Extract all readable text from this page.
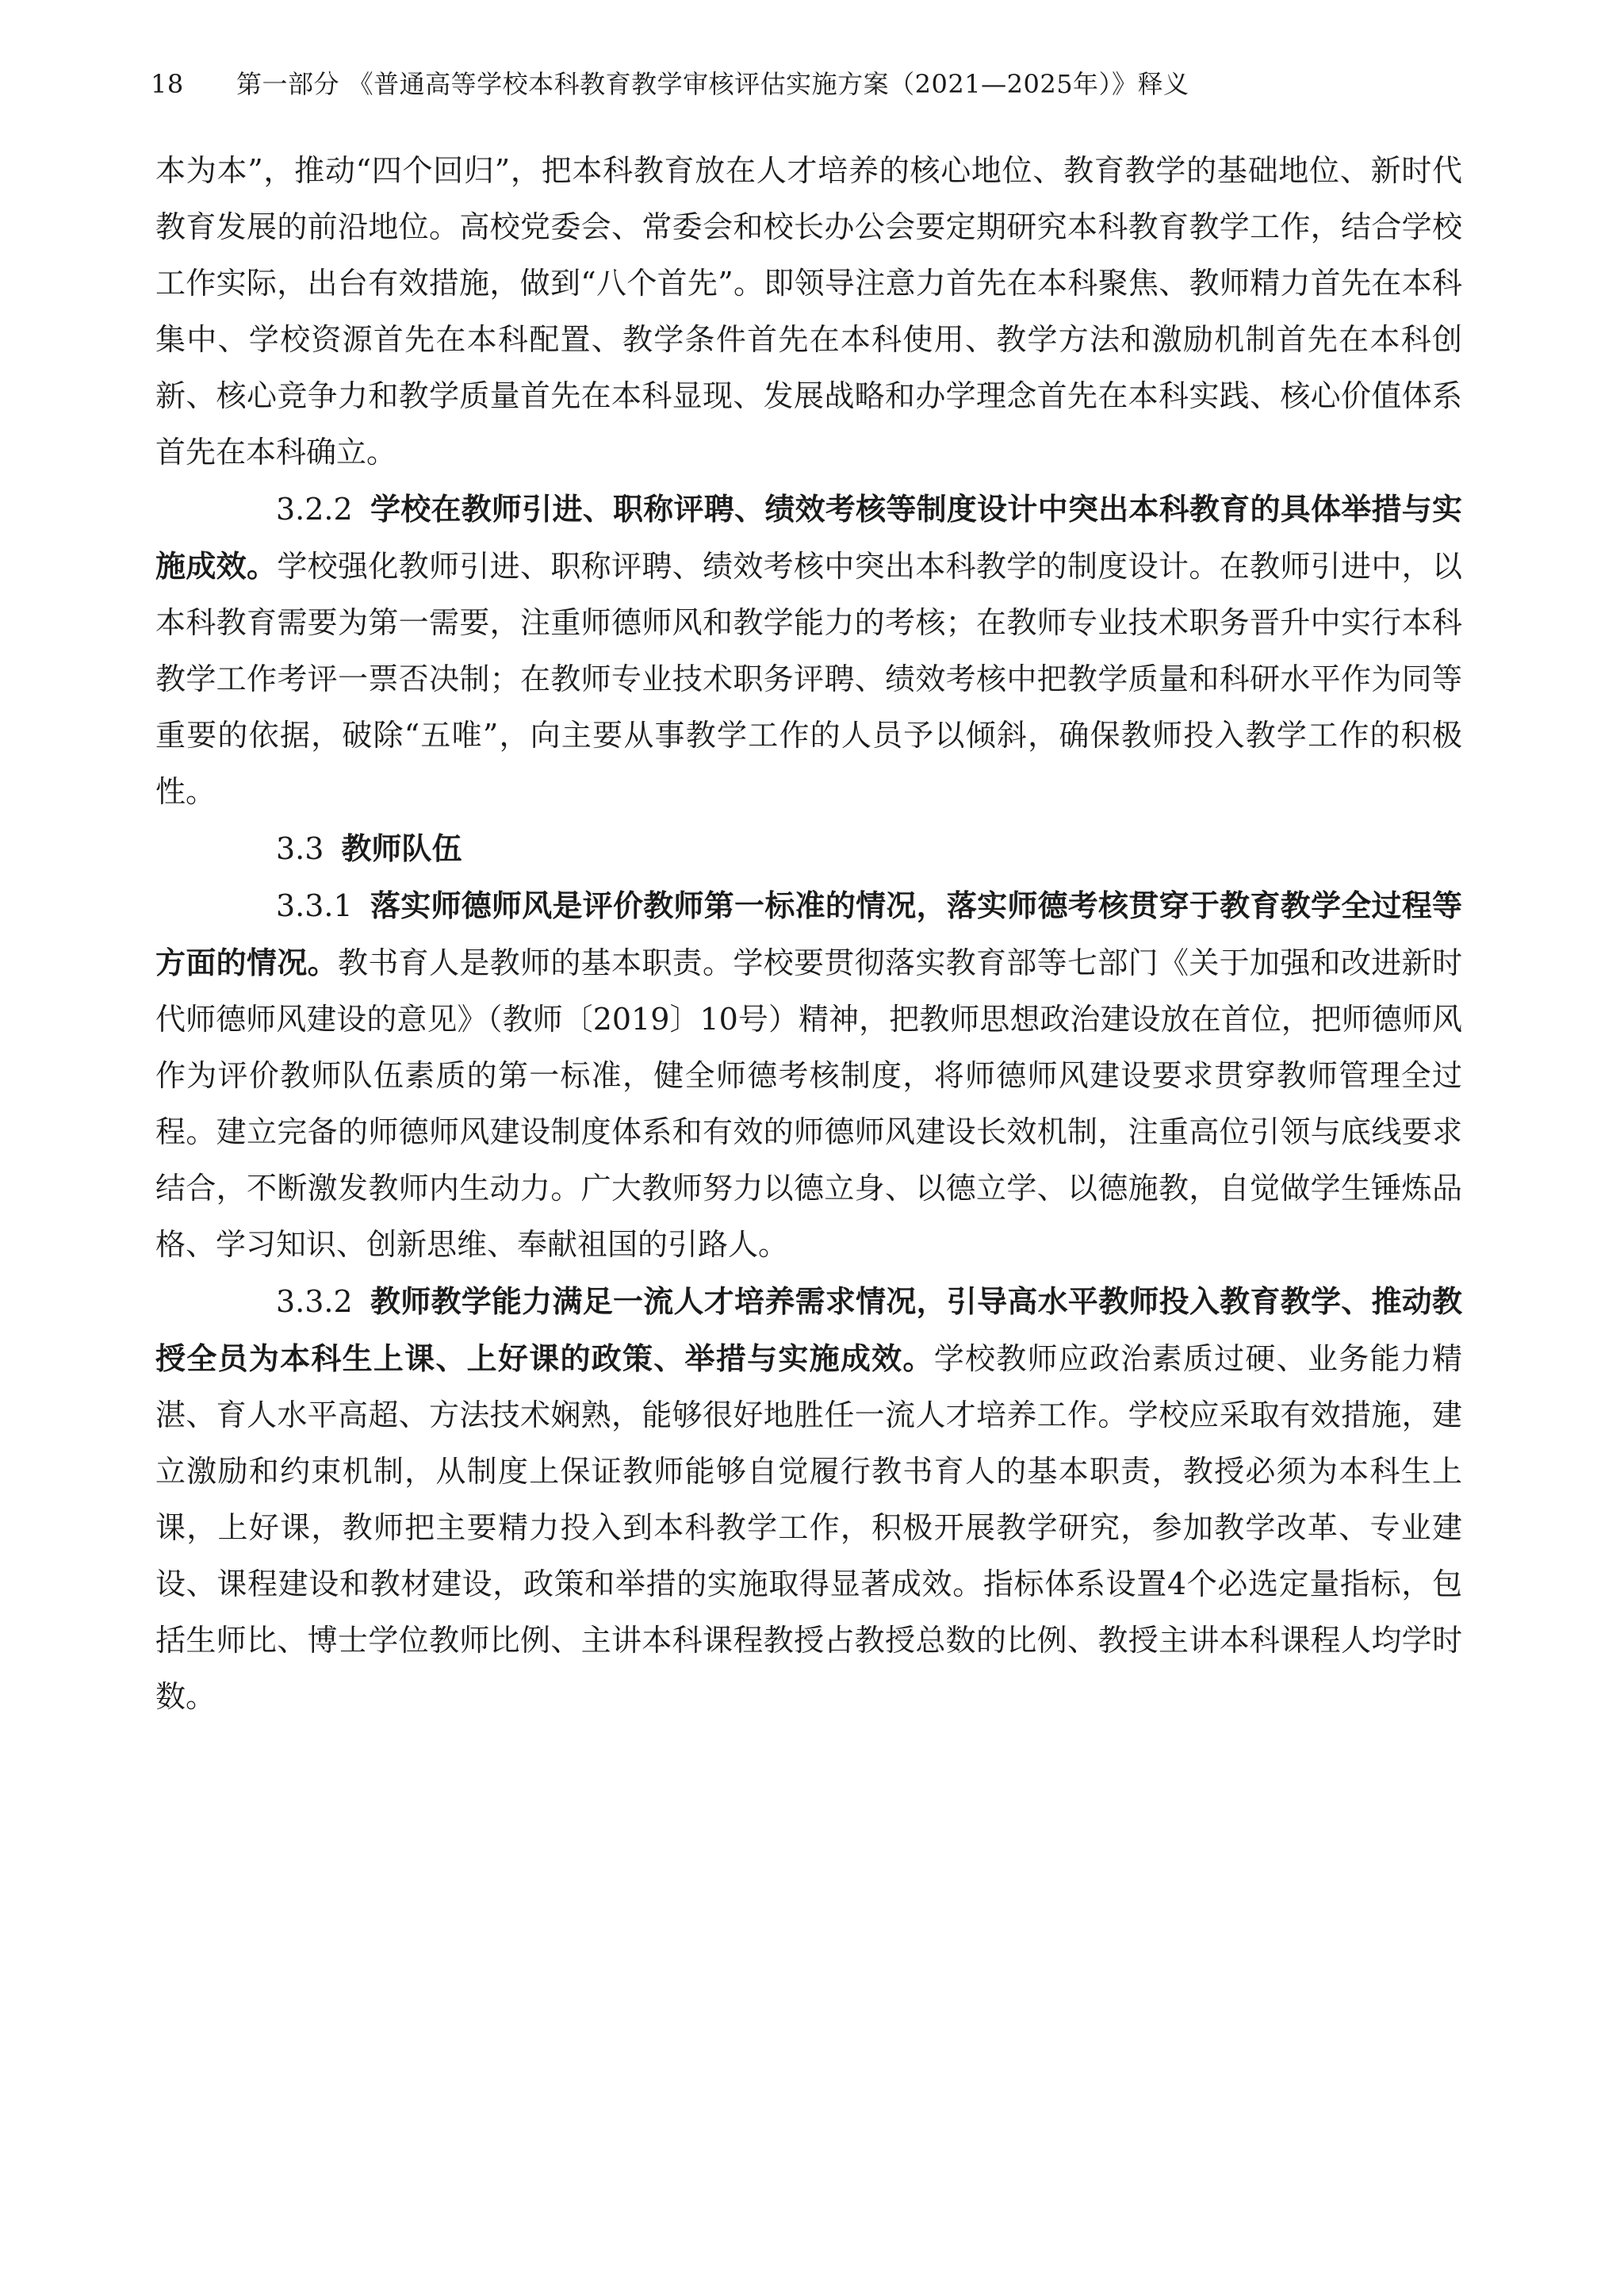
18 第一部分 《普通高等学校本科教育教学审核评估实施方案（2021—2025年）》释义

本为本”，推动“四个回归”，把本科教育放在人才培养的核心地位、教育教学的基础地位、新时代教育发展的前沿地位。高校党委会、常委会和校长办公会要定期研究本科教育教学工作，结合学校工作实际，出台有效措施，做到“八个首先”。即领导注意力首先在本科聚焦、教师精力首先在本科集中、学校资源首先在本科配置、教学条件首先在本科使用、教学方法和激励机制首先在本科创新、核心竞争力和教学质量首先在本科显现、发展战略和办学理念首先在本科实践、核心价值体系首先在本科确立。

3.2.2 学校在教师引进、职称评聘、绩效考核等制度设计中突出本科教育的具体举措与实施成效。学校强化教师引进、职称评聘、绩效考核中突出本科教学的制度设计。在教师引进中，以本科教育需要为第一需要，注重师德师风和教学能力的考核；在教师专业技术职务晋升中实行本科教学工作考评一票否决制；在教师专业技术职务评聘、绩效考核中把教学质量和科研水平作为同等重要的依据，破除“五唯”，向主要从事教学工作的人员予以倾斜，确保教师投入教学工作的积极性。

3.3 教师队伍

3.3.1 落实师德师风是评价教师第一标准的情况，落实师德考核贯穿于教育教学全过程等方面的情况。教书育人是教师的基本职责。学校要贯彻落实教育部等七部门《关于加强和改进新时代师德师风建设的意见》（教师〔2019〕10号）精神，把教师思想政治建设放在首位，把师德师风作为评价教师队伍素质的第一标准，健全师德考核制度，将师德师风建设要求贯穿教师管理全过程。建立完备的师德师风建设制度体系和有效的师德师风建设长效机制，注重高位引领与底线要求结合，不断激发教师内生动力。广大教师努力以德立身、以德立学、以德施教，自觉做学生锤炼品格、学习知识、创新思维、奉献祖国的引路人。

3.3.2 教师教学能力满足一流人才培养需求情况，引导高水平教师投入教育教学、推动教授全员为本科生上课、上好课的政策、举措与实施成效。学校教师应政治素质过硬、业务能力精湛、育人水平高超、方法技术娴熟，能够很好地胜任一流人才培养工作。学校应采取有效措施，建立激励和约束机制，从制度上保证教师能够自觉履行教书育人的基本职责，教授必须为本科生上课，上好课，教师把主要精力投入到本科教学工作，积极开展教学研究，参加教学改革、专业建设、课程建设和教材建设，政策和举措的实施取得显著成效。指标体系设置4个必选定量指标，包括生师比、博士学位教师比例、主讲本科课程教授占教授总数的比例、教授主讲本科课程人均学时数。
